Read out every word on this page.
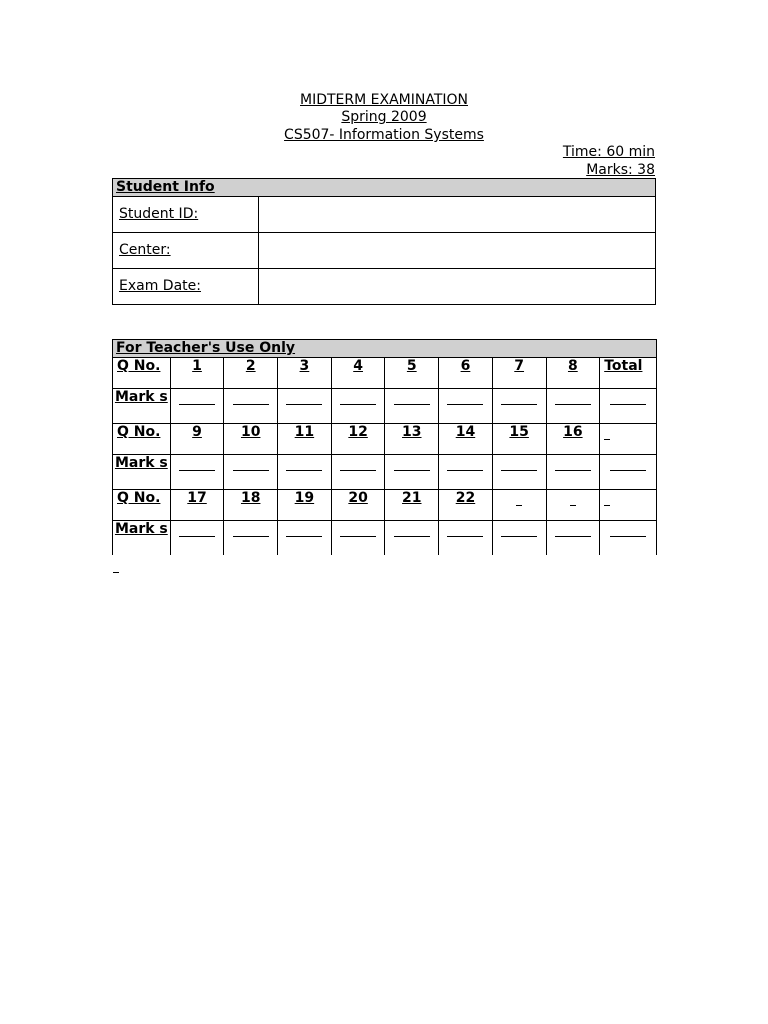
MIDTERM EXAMINATION
Spring 2009
CS507- Information Systems
Time: 60 min
Marks: 38
Student Info	
Student ID:	
Center:	
Exam Date:	
For Teacher's Use Only									
Q No.	1	2	3	4	5	6	7	8	Total
Mark s									
Q No.	9	10	11	12	13	14	15	16	
Mark s									
Q No.	17	18	19	20	21	22			
Mark s									
